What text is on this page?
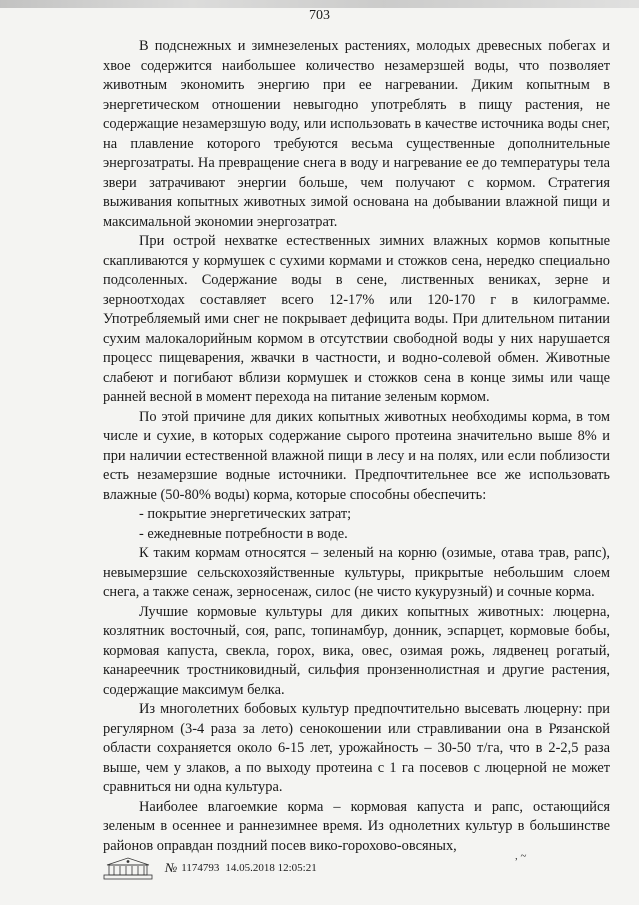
703

В подснежных и зимнезеленых растениях, молодых древесных побегах и хвое содержится наибольшее количество незамерзшей воды, что позволяет животным экономить энергию при ее нагревании. Диким копытным в энергетическом отношении невыгодно употреблять в пищу растения, не содержащие незамерзшую воду, или использовать в качестве источника воды снег, на плавление которого требуются весьма существенные дополнительные энергозатраты. На превращение снега в воду и нагревание ее до температуры тела звери затрачивают энергии больше, чем получают с кормом. Стратегия выживания копытных животных зимой основана на добывании влажной пищи и максимальной экономии энергозатрат.

При острой нехватке естественных зимних влажных кормов копытные скапливаются у кормушек с сухими кормами и стожков сена, нередко специально подсоленных. Содержание воды в сене, лиственных вениках, зерне и зерноотходах составляет всего 12-17% или 120-170 г в килограмме. Употребляемый ими снег не покрывает дефицита воды. При длительном питании сухим малокалорийным кормом в отсутствии свободной воды у них нарушается процесс пищеварения, жвачки в частности, и водно-солевой обмен. Животные слабеют и погибают вблизи кормушек и стожков сена в конце зимы или чаще ранней весной в момент перехода на питание зеленым кормом.

По этой причине для диких копытных животных необходимы корма, в том числе и сухие, в которых содержание сырого протеина значительно выше 8% и при наличии естественной влажной пищи в лесу и на полях, или если поблизости есть незамерзшие водные источники. Предпочтительнее все же использовать влажные (50-80% воды) корма, которые способны обеспечить:

- покрытие энергетических затрат;

- ежедневные потребности в воде.

К таким кормам относятся – зеленый на корню (озимые, отава трав, рапс), невымерзшие сельскохозяйственные культуры, прикрытые небольшим слоем снега, а также сенаж, зерносенаж, силос (не чисто кукурузный) и сочные корма.

Лучшие кормовые культуры для диких копытных животных: люцерна, козлятник восточный, соя, рапс, топинамбур, донник, эспарцет, кормовые бобы, кормовая капуста, свекла, горох, вика, овес, озимая рожь, лядвенец рогатый, канареечник тростниковидный, сильфия пронзеннолистная и другие растения, содержащие максимум белка.

Из многолетних бобовых культур предпочтительно высевать люцерну: при регулярном (3-4 раза за лето) сенокошении или стравливании она в Рязанской области сохраняется около 6-15 лет, урожайность – 30-50 т/га, что в 2-2,5 раза выше, чем у злаков, а по выходу протеина с 1 га посевов с люцерной не может сравниться ни одна культура.

Наиболее влагоемкие корма – кормовая капуста и рапс, остающийся зеленым в осеннее и раннезимнее время. Из однолетних культур в большинстве районов оправдан поздний посев вико-горохово-овсяных,

№ 1174793 14.05.2018 12:05:21
, ~
